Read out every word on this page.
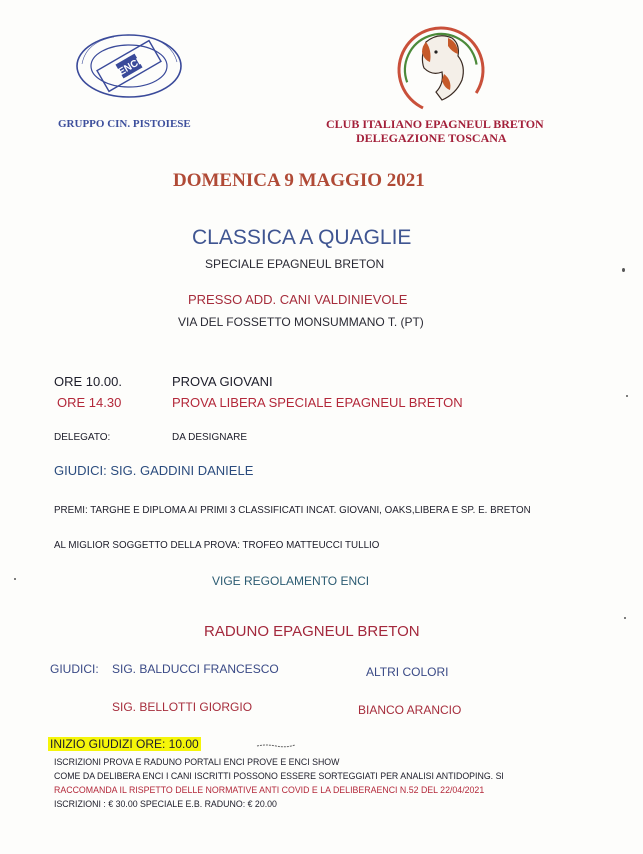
ENCI
GRUPPO CIN. PISTOIESE	CLUB ITALIANO EPAGNEUL BRETON
DELEGAZIONE TOSCANA
DOMENICA 9 MAGGIO 2021
CLASSICA A QUAGLIE
SPECIALE EPAGNEUL BRETON
PRESSO ADD. CANI VALDINIEVOLE
VIA DEL FOSSETTO MONSUMMANO T. (PT)
ORE 10.00.	PROVA GIOVANI
ORE 14.30	PROVA LIBERA SPECIALE EPAGNEUL BRETON
DELEGATO:	DA DESIGNARE
GIUDICI: SIG. GADDINI DANIELE
PREMI: TARGHE E DIPLOMA AI PRIMI 3 CLASSIFICATI INCAT. GIOVANI, OAKS,LIBERA E SP. E. BRETON
AL MIGLIOR SOGGETTO DELLA PROVA: TROFEO MATTEUCCI TULLIO
VIGE REGOLAMENTO ENCI
RADUNO EPAGNEUL BRETON
GIUDICI: SIG. BALDUCCI FRANCESCO	ALTRI COLORI
SIG. BELLOTTI GIORGIO	BIANCO ARANCIO
INIZIO GIUDIZI ORE: 10.00
ISCRIZIONI PROVA E RADUNO PORTALI ENCI PROVE E ENCI SHOW
COME DA DELIBERA ENCI I CANI ISCRITTI POSSONO ESSERE SORTEGGIATI PER ANALISI ANTIDOPING. SI
RACCOMANDA IL RISPETTO DELLE NORMATIVE ANTI COVID E LA DELIBERAENCI N.52 DEL 22/04/2021
ISCRIZIONI : € 30.00 SPECIALE E.B. RADUNO: € 20.00
